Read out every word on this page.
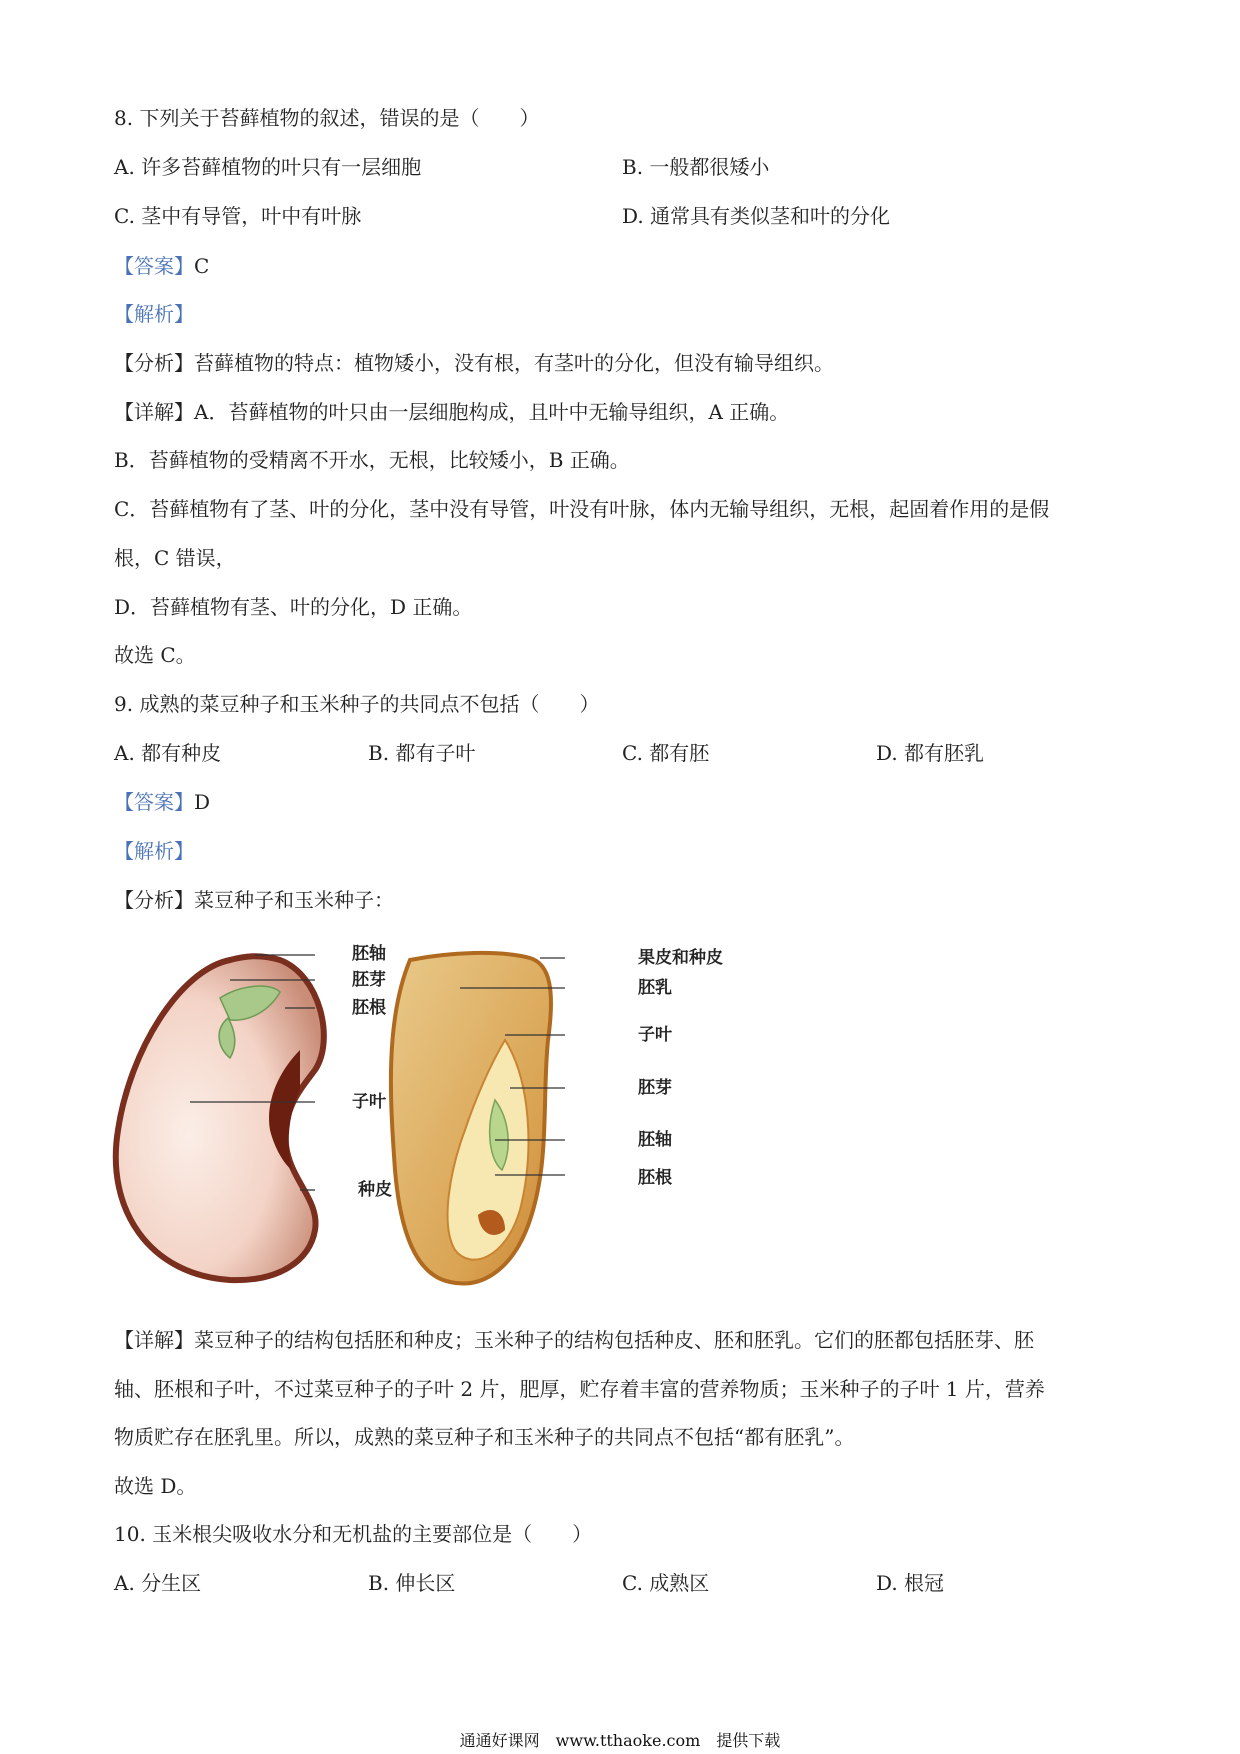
8. 下列关于苔藓植物的叙述，错误的是（　　）
A. 许多苔藓植物的叶只有一层细胞	B. 一般都很矮小
C. 茎中有导管，叶中有叶脉	D. 通常具有类似茎和叶的分化
【答案】C
【解析】
【分析】苔藓植物的特点：植物矮小，没有根，有茎叶的分化，但没有输导组织。
【详解】A．苔藓植物的叶只由一层细胞构成，且叶中无输导组织，A 正确。
B．苔藓植物的受精离不开水，无根，比较矮小，B 正确。
C．苔藓植物有了茎、叶的分化，茎中没有导管，叶没有叶脉，体内无输导组织，无根，起固着作用的是假
根，C 错误，
D．苔藓植物有茎、叶的分化，D 正确。
故选 C。
9. 成熟的菜豆种子和玉米种子的共同点不包括（　　）
A. 都有种皮	B. 都有子叶	C. 都有胚	D. 都有胚乳
【答案】D
【解析】
【分析】菜豆种子和玉米种子：
胚轴
胚芽
胚根
子叶
种皮
果皮和种皮
胚乳
子叶
胚芽
胚轴
胚根
【详解】菜豆种子的结构包括胚和种皮；玉米种子的结构包括种皮、胚和胚乳。它们的胚都包括胚芽、胚
轴、胚根和子叶，不过菜豆种子的子叶 2 片，肥厚，贮存着丰富的营养物质；玉米种子的子叶 1 片，营养
物质贮存在胚乳里。所以，成熟的菜豆种子和玉米种子的共同点不包括“都有胚乳”。
故选 D。
10. 玉米根尖吸收水分和无机盐的主要部位是（　　）
A. 分生区	B. 伸长区	C. 成熟区	D. 根冠
通通好课网　www.tthaoke.com　提供下载
